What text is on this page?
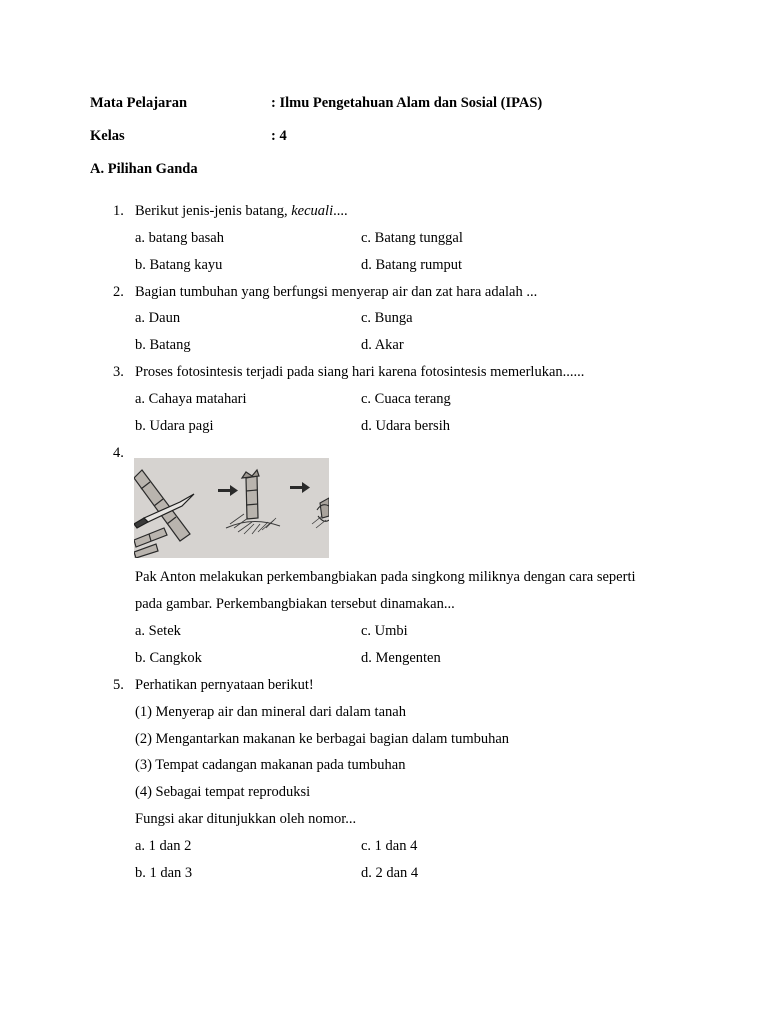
Mata Pelajaran	: Ilmu Pengetahuan Alam dan Sosial (IPAS)
Kelas	: 4
A. Pilihan Ganda
1. Berikut jenis-jenis batang, kecuali....
a. batang basah	c. Batang tunggal
b. Batang kayu	d. Batang rumput
2. Bagian tumbuhan yang berfungsi menyerap air dan zat hara adalah ...
a. Daun	c. Bunga
b. Batang	d. Akar
3. Proses fotosintesis terjadi pada siang hari karena fotosintesis memerlukan......
a. Cahaya matahari	c. Cuaca terang
b. Udara pagi	d. Udara bersih
4.
Pak Anton melakukan perkembangbiakan pada singkong miliknya dengan cara seperti
pada gambar. Perkembangbiakan tersebut dinamakan...
a. Setek	c. Umbi
b. Cangkok	d. Mengenten
5. Perhatikan pernyataan berikut!
(1) Menyerap air dan mineral dari dalam tanah
(2) Mengantarkan makanan ke berbagai bagian dalam tumbuhan
(3) Tempat cadangan makanan pada tumbuhan
(4) Sebagai tempat reproduksi
Fungsi akar ditunjukkan oleh nomor...
a. 1 dan 2	c. 1 dan 4
b. 1 dan 3	d. 2 dan 4
